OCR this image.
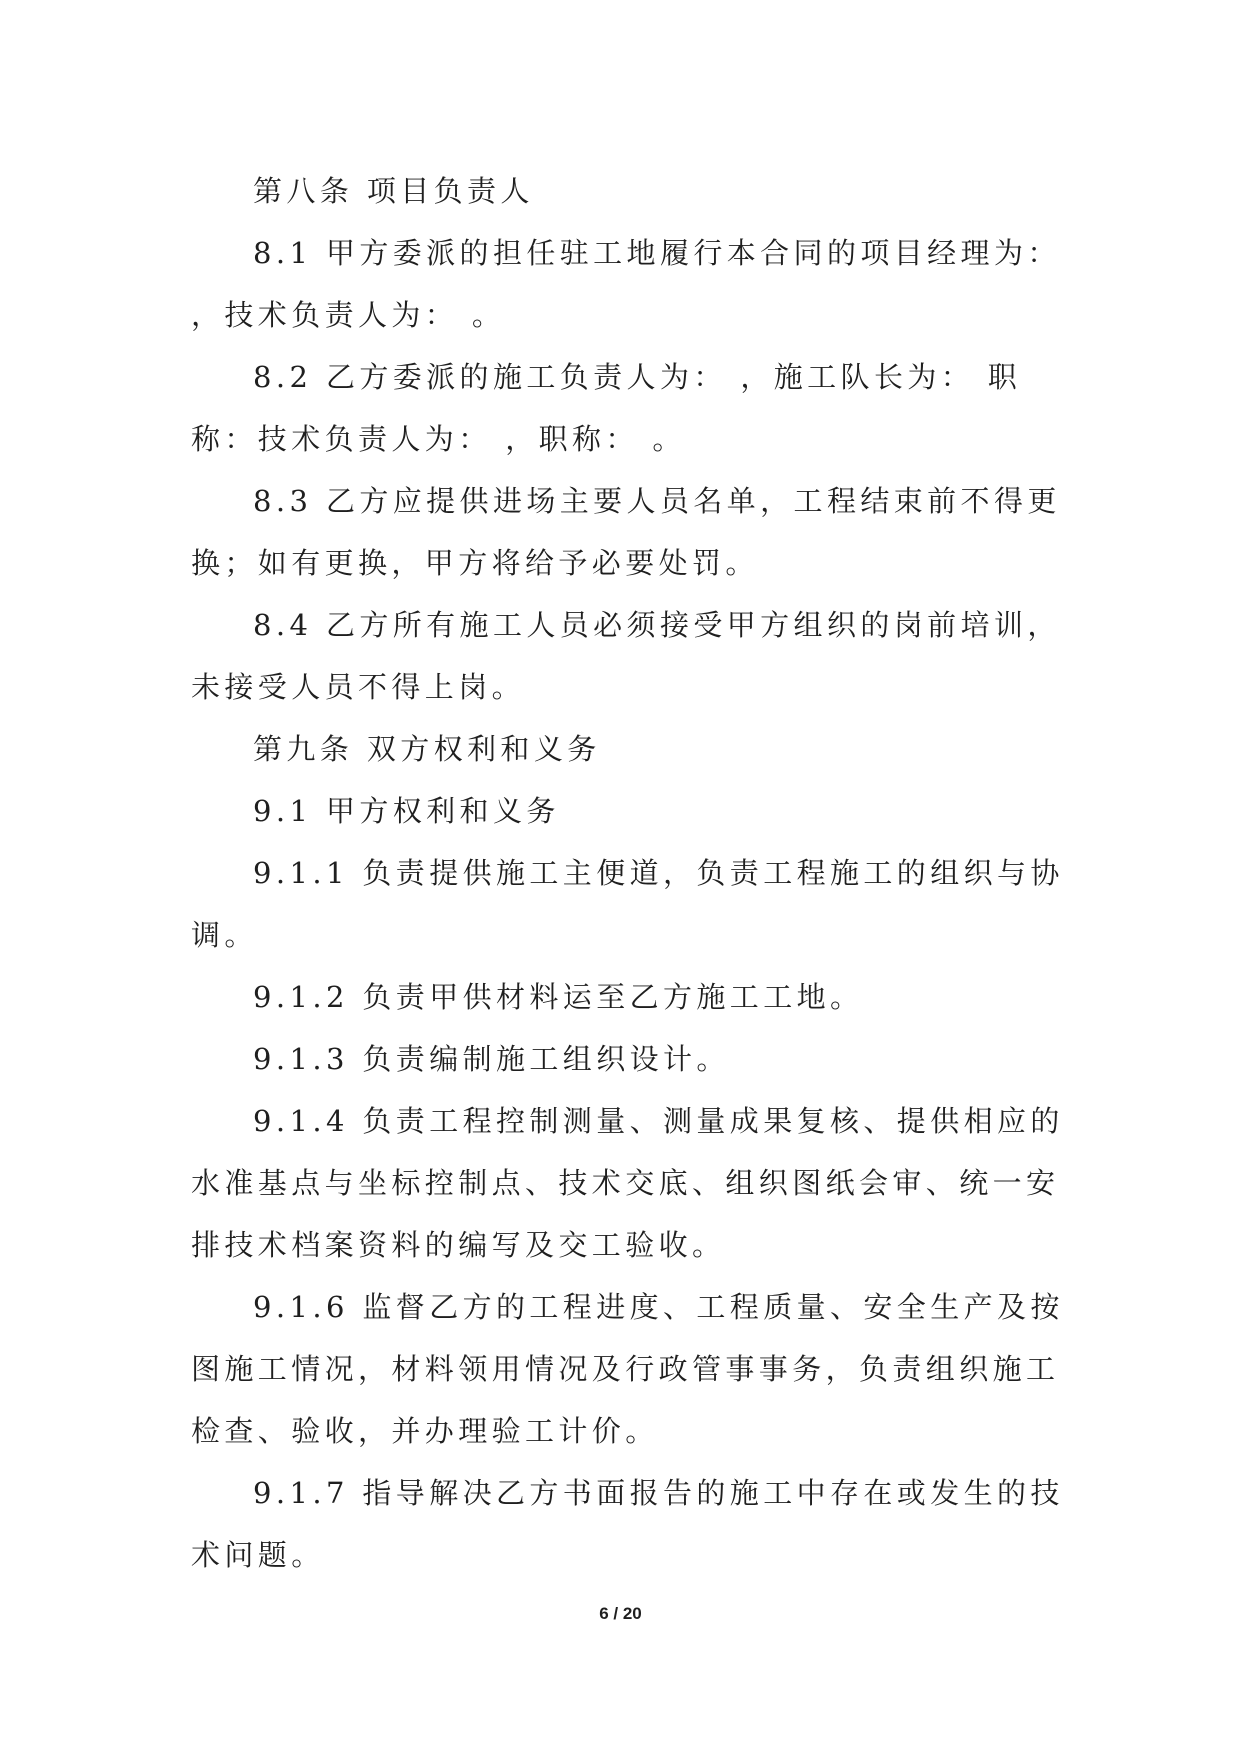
第八条 项目负责人

8.1 甲方委派的担任驻工地履行本合同的项目经理为： ，技术负责人为： 。

8.2 乙方委派的施工负责人为： ，施工队长为： 职称：技术负责人为： ，职称： 。

8.3 乙方应提供进场主要人员名单，工程结束前不得更换；如有更换，甲方将给予必要处罚。

8.4 乙方所有施工人员必须接受甲方组织的岗前培训，未接受人员不得上岗。

第九条 双方权利和义务

9.1 甲方权利和义务

9.1.1 负责提供施工主便道，负责工程施工的组织与协调。

9.1.2 负责甲供材料运至乙方施工工地。

9.1.3 负责编制施工组织设计。

9.1.4 负责工程控制测量、测量成果复核、提供相应的水准基点与坐标控制点、技术交底、组织图纸会审、统一安排技术档案资料的编写及交工验收。

9.1.6 监督乙方的工程进度、工程质量、安全生产及按图施工情况，材料领用情况及行政管事事务，负责组织施工检查、验收，并办理验工计价。

9.1.7 指导解决乙方书面报告的施工中存在或发生的技术问题。

6 / 20
